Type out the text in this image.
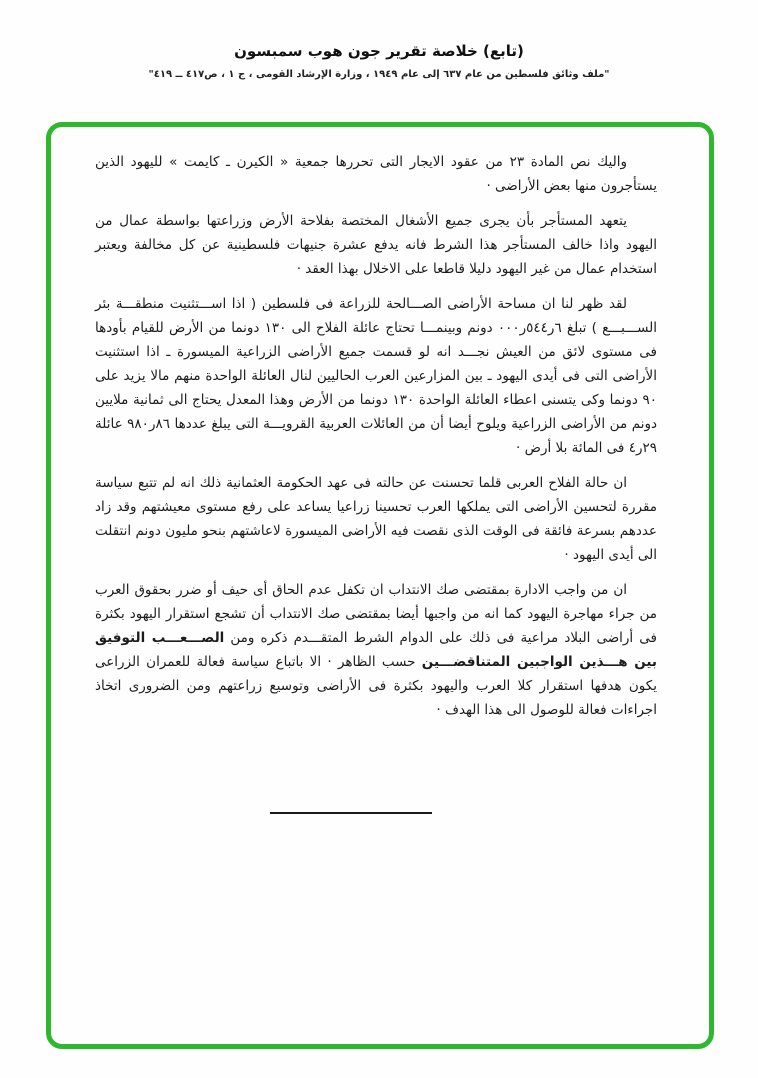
(تابع) خلاصة تقرير جون هوب سمبسون
"ملف وثائق فلسطين من عام ٦٣٧ إلى عام ١٩٤٩ ، وزارة الإرشاد القومى ، ج ١ ، ص٤١٧ ــ ٤١٩"

واليك نص المادة ٢٣ من عقود الايجار التى تحررها جمعية « الكيرن ـ كايمت » لليهود الذين يستأجرون منها بعض الأراضى ·

يتعهد المستأجر بأن يجرى جميع الأشغال المختصة بفلاحة الأرض وزراعتها بواسطة عمال من اليهود واذا خالف المستأجر هذا الشرط فانه يدفع عشرة جنيهات فلسطينية عن كل مخالفة ويعتبر استخدام عمال من غير اليهود دليلا قاطعا على الاخلال بهذا العقد ·

لقد ظهر لنا ان مساحة الأراضى الصـــالحة للزراعة فى فلسطين ( اذا اســـتثنيت منطقـــة بئر الســـبـــع ) تبلغ ٦ر٥٤٤ر٠٠٠ دونم وبينمـــا تحتاج عائلة الفلاح الى ١٣٠ دونما من الأرض للقيام بأودها فى مستوى لائق من العيش نجـــد انه لو قسمت جميع الأراضى الزراعية الميسورة ـ اذا استثنيت الأراضى التى فى أيدى اليهود ـ بين المزارعين العرب الحاليين لنال العائلة الواحدة منهم مالا يزيد على ٩٠ دونما وكى يتسنى اعطاء العائلة الواحدة ١٣٠ دونما من الأرض وهذا المعدل يحتاج الى ثمانية ملايين دونم من الأراضى الزراعية ويلوح أيضا أن من العائلات العربية القرويـــة التى يبلغ عددها ٨٦ر٩٨٠ عائلة ٢٩ر٤ فى المائة بلا أرض ·

ان حالة الفلاح العربى قلما تحسنت عن حالته فى عهد الحكومة العثمانية ذلك انه لم تتبع سياسة مقررة لتحسين الأراضى التى يملكها العرب تحسينا زراعيا يساعد على رفع مستوى معيشتهم وقد زاد عددهم بسرعة فائقة فى الوقت الذى نقصت فيه الأراضى الميسورة لاعاشتهم بنحو مليون دونم انتقلت الى أيدى اليهود ·

ان من واجب الادارة بمقتضى صك الانتداب ان تكفل عدم الحاق أى حيف أو ضرر بحقوق العرب من جراء مهاجرة اليهود كما انه من واجبها أيضا بمقتضى صك الانتداب أن تشجع استقرار اليهود بكثرة فى أراضى البلاد مراعية فى ذلك على الدوام الشرط المتقـــدم ذكره ومن الصـــعـــب التوفيق بين هـــذين الواجبين المتناقضـــين حسب الظاهر · الا باتباع سياسة فعالة للعمران الزراعى يكون هدفها استقرار كلا العرب واليهود بكثرة فى الأراضى وتوسيع زراعتهم ومن الضرورى اتخاذ اجراءات فعالة للوصول الى هذا الهدف ·
